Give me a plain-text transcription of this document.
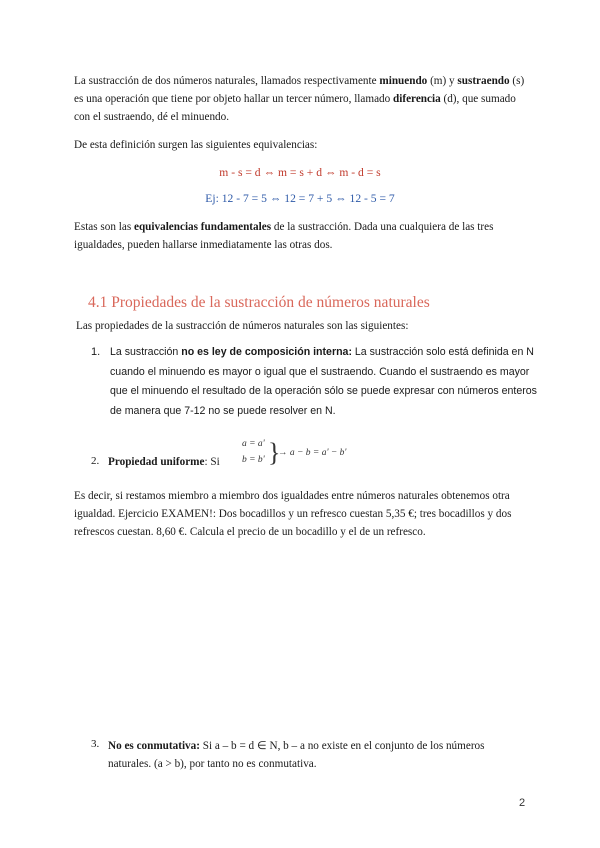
La sustracción de dos números naturales, llamados respectivamente minuendo (m) y sustraendo (s) es una operación que tiene por objeto hallar un tercer número, llamado diferencia (d), que sumado con el sustraendo, dé el minuendo.
De esta definición surgen las siguientes equivalencias:
m - s = d ⇔ m = s + d ⇔ m - d = s
Ej: 12 - 7 = 5 ⇔ 12 = 7 + 5 ⇔ 12 - 5 = 7
Estas son las equivalencias fundamentales de la sustracción. Dada una cualquiera de las tres igualdades, pueden hallarse inmediatamente las otras dos.
4.1 Propiedades de la sustracción de números naturales
Las propiedades de la sustracción de números naturales son las siguientes:
1. La sustracción no es ley de composición interna: La sustracción solo está definida en N cuando el minuendo es mayor o igual que el sustraendo. Cuando el sustraendo es mayor que el minuendo el resultado de la operación sólo se puede expresar con números enteros de manera que 7-12 no se puede resolver en N.
2. Propiedad uniforme: Si
a = a'
b = b' }
→ a − b = a' − b'
Es decir, si restamos miembro a miembro dos igualdades entre números naturales obtenemos otra igualdad. Ejercicio EXAMEN!: Dos bocadillos y un refresco cuestan 5,35 €; tres bocadillos y dos refrescos cuestan. 8,60 €. Calcula el precio de un bocadillo y el de un refresco.
3. No es conmutativa: Si a – b = d ∈ N, b – a no existe en el conjunto de los números naturales. (a > b), por tanto no es conmutativa.
2
